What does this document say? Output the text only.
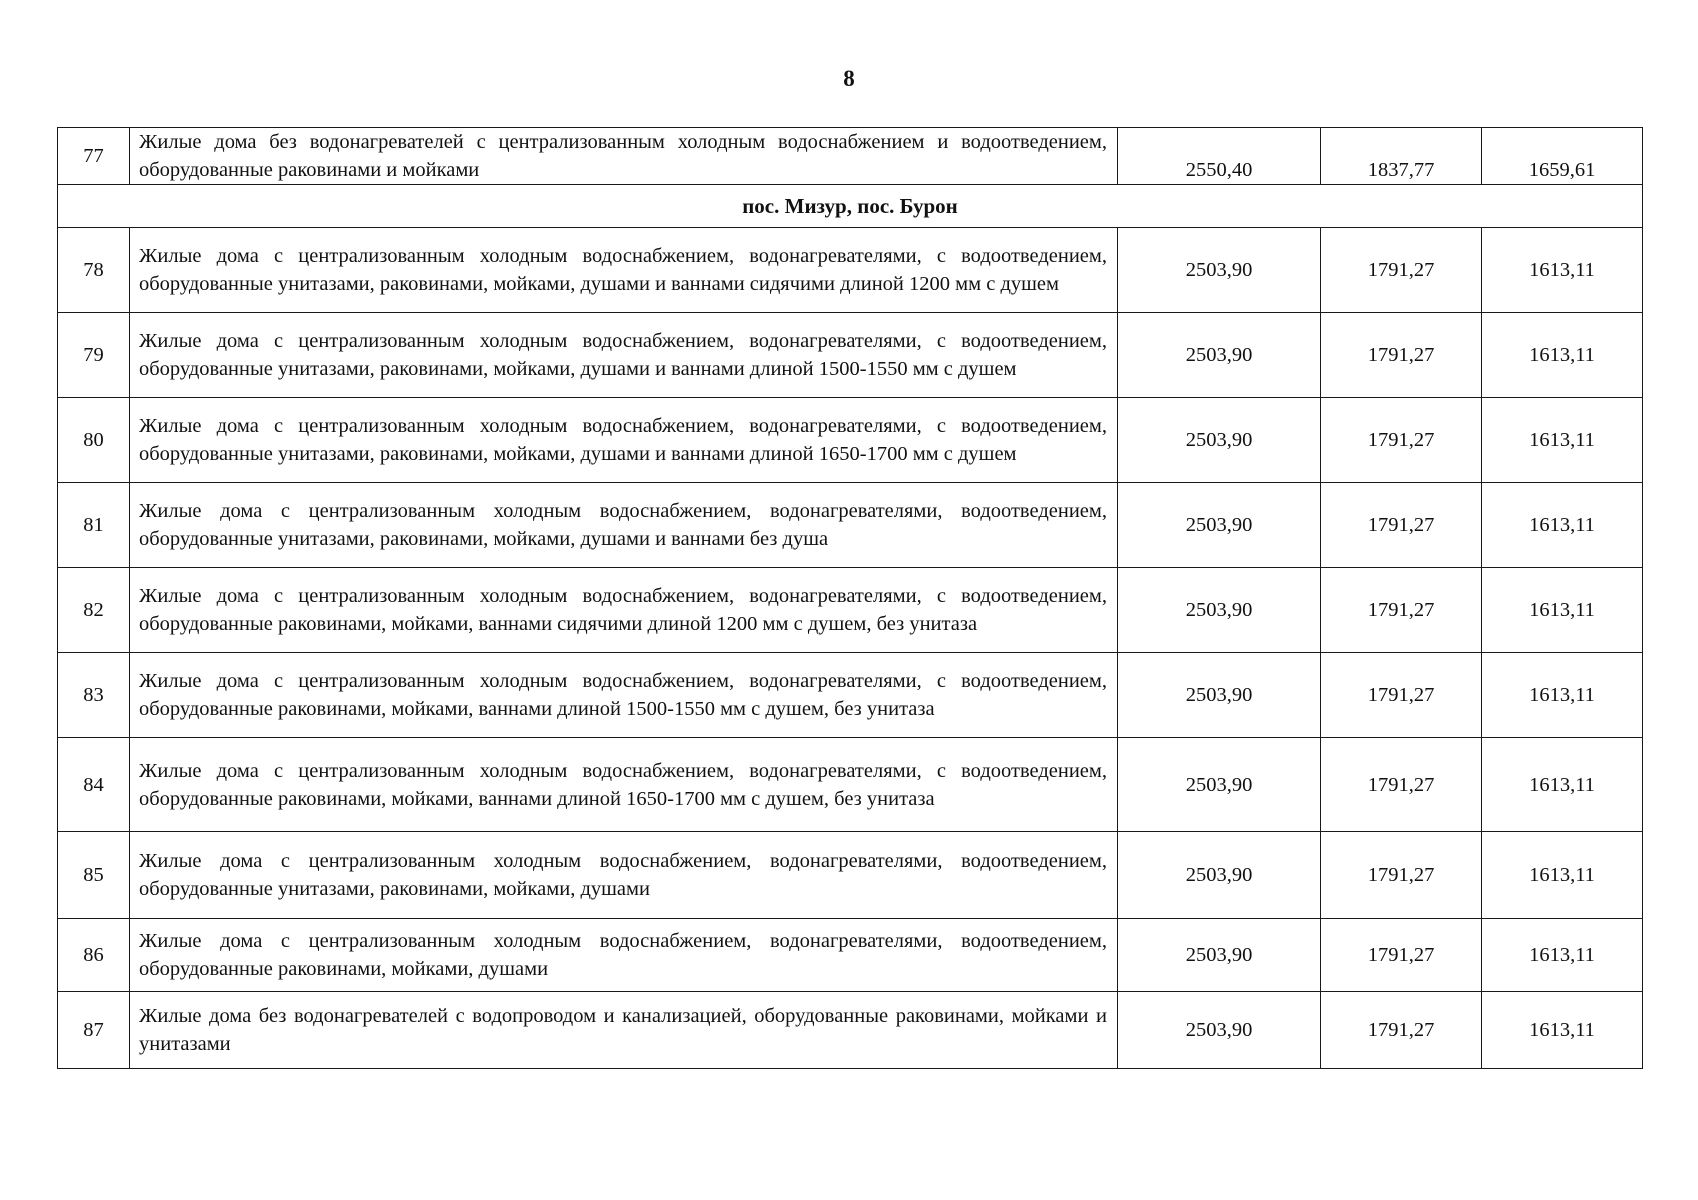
8
77	Жилые дома без водонагревателей с централизованным холодным водоснабжением и водоотведением, оборудованные раковинами и мойками	2550,40	1837,77	1659,61
пос. Мизур, пос. Бурон				
78	Жилые дома с централизованным холодным водоснабжением, водонагревателями, с водоотведением, оборудованные унитазами, раковинами, мойками, душами и ваннами сидячими длиной 1200 мм с душем	2503,90	1791,27	1613,11
79	Жилые дома с централизованным холодным водоснабжением, водонагревателями, с водоотведением, оборудованные унитазами, раковинами, мойками, душами и ваннами длиной 1500-1550 мм с душем	2503,90	1791,27	1613,11
80	Жилые дома с централизованным холодным водоснабжением, водонагревателями, с водоотведением, оборудованные унитазами, раковинами, мойками, душами и ваннами длиной 1650-1700 мм с душем	2503,90	1791,27	1613,11
81	Жилые дома с централизованным холодным водоснабжением, водонагревателями, водоотведением, оборудованные унитазами, раковинами, мойками, душами и ваннами без душа	2503,90	1791,27	1613,11
82	Жилые дома с централизованным холодным водоснабжением, водонагревателями, с водоотведением, оборудованные раковинами, мойками, ваннами сидячими длиной 1200 мм с душем, без унитаза	2503,90	1791,27	1613,11
83	Жилые дома с централизованным холодным водоснабжением, водонагревателями, с водоотведением, оборудованные раковинами, мойками, ваннами длиной 1500-1550 мм с душем, без унитаза	2503,90	1791,27	1613,11
84	Жилые дома с централизованным холодным водоснабжением, водонагревателями, с водоотведением, оборудованные раковинами, мойками, ваннами длиной 1650-1700 мм с душем, без унитаза	2503,90	1791,27	1613,11
85	Жилые дома с централизованным холодным водоснабжением, водонагревателями, водоотведением, оборудованные унитазами, раковинами, мойками, душами	2503,90	1791,27	1613,11
86	Жилые дома с централизованным холодным водоснабжением, водонагревателями, водоотведением, оборудованные раковинами, мойками, душами	2503,90	1791,27	1613,11
87	Жилые дома без водонагревателей с водопроводом и канализацией, оборудованные раковинами, мойками и унитазами	2503,90	1791,27	1613,11
